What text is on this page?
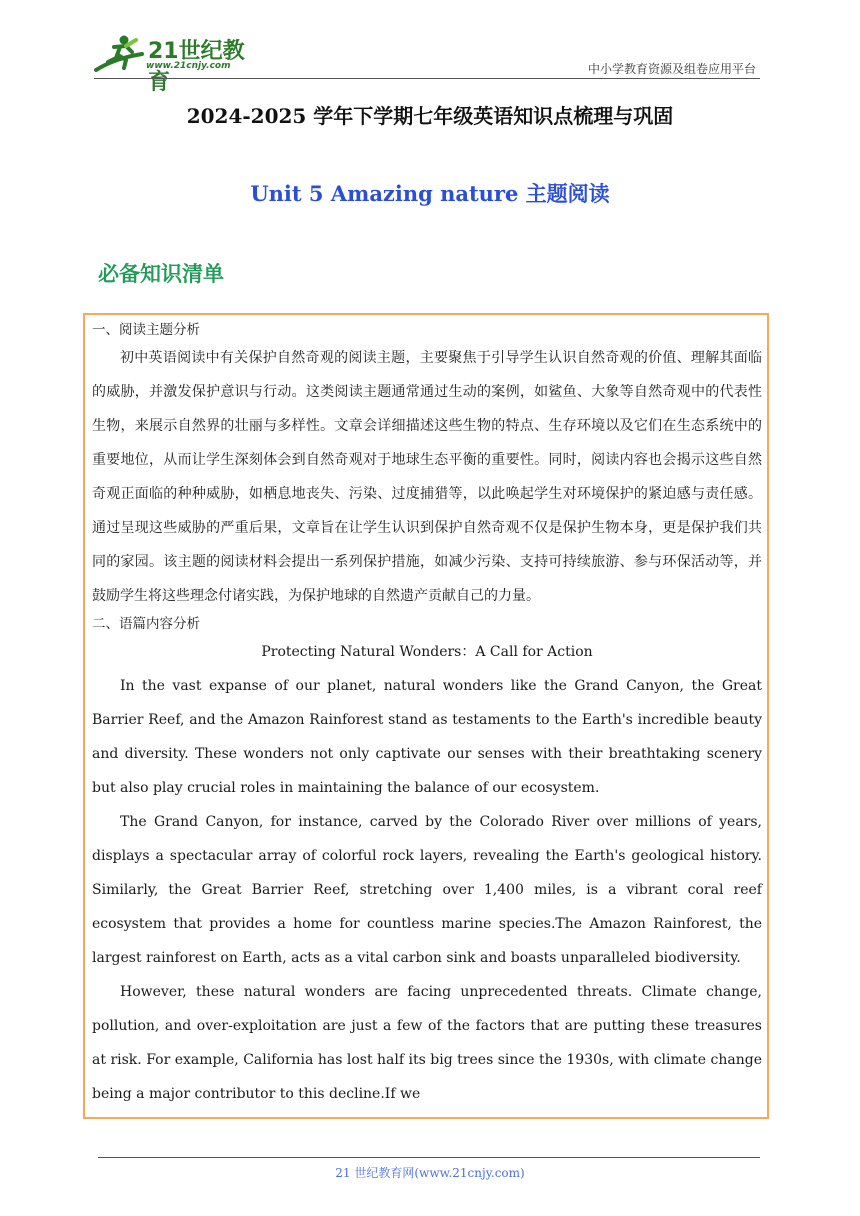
21世纪教育
www.21cnjy.com	中小学教育资源及组卷应用平台
2024-2025 学年下学期七年级英语知识点梳理与巩固
Unit 5 Amazing nature 主题阅读
必备知识清单

一、阅读主题分析

初中英语阅读中有关保护自然奇观的阅读主题，主要聚焦于引导学生认识自然奇观的价值、理解其面临的威胁，并激发保护意识与行动。这类阅读主题通常通过生动的案例，如鲨鱼、大象等自然奇观中的代表性生物，来展示自然界的壮丽与多样性。文章会详细描述这些生物的特点、生存环境以及它们在生态系统中的重要地位，从而让学生深刻体会到自然奇观对于地球生态平衡的重要性。同时，阅读内容也会揭示这些自然奇观正面临的种种威胁，如栖息地丧失、污染、过度捕猎等，以此唤起学生对环境保护的紧迫感与责任感。通过呈现这些威胁的严重后果，文章旨在让学生认识到保护自然奇观不仅是保护生物本身，更是保护我们共同的家园。该主题的阅读材料会提出一系列保护措施，如减少污染、支持可持续旅游、参与环保活动等，并鼓励学生将这些理念付诸实践，为保护地球的自然遗产贡献自己的力量。

二、语篇内容分析

Protecting Natural Wonders：A Call for Action

In the vast expanse of our planet, natural wonders like the Grand Canyon, the Great Barrier Reef, and the Amazon Rainforest stand as testaments to the Earth's incredible beauty and diversity. These wonders not only captivate our senses with their breathtaking scenery but also play crucial roles in maintaining the balance of our ecosystem.

The Grand Canyon, for instance, carved by the Colorado River over millions of years, displays a spectacular array of colorful rock layers, revealing the Earth's geological history. Similarly, the Great Barrier Reef, stretching over 1,400 miles, is a vibrant coral reef ecosystem that provides a home for countless marine species.The Amazon Rainforest, the largest rainforest on Earth, acts as a vital carbon sink and boasts unparalleled biodiversity.

However, these natural wonders are facing unprecedented threats. Climate change, pollution, and over-exploitation are just a few of the factors that are putting these treasures at risk. For example, California has lost half its big trees since the 1930s, with climate change being a major contributor to this decline.If we

21 世纪教育网(www.21cnjy.com)
